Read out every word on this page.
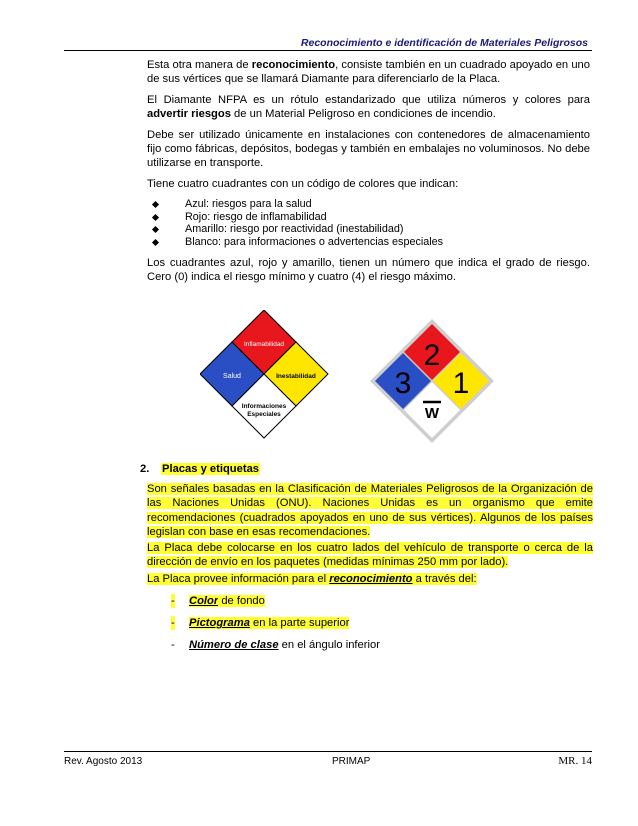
Reconocimiento e identificación de Materiales Peligrosos

Esta otra manera de reconocimiento, consiste también en un cuadrado apoyado en uno de sus vértices que se llamará Diamante para diferenciarlo de la Placa.

El Diamante NFPA es un rótulo estandarizado que utiliza números y colores para advertir riesgos de un Material Peligroso en condiciones de incendio.

Debe ser utilizado únicamente en instalaciones con contenedores de almacenamiento fijo como fábricas, depósitos, bodegas y también en embalajes no voluminosos. No debe utilizarse en transporte.

Tiene cuatro cuadrantes con un código de colores que indican:

Azul: riesgos para la salud
Rojo: riesgo de inflamabilidad
Amarillo: riesgo por reactividad (inestabilidad)
Blanco: para informaciones o advertencias especiales

Los cuadrantes azul, rojo y amarillo, tienen un número que indica el grado de riesgo. Cero (0) indica el riesgo mínimo y cuatro (4) el riesgo máximo.

Inflamabilidad
Salud	Inestabilidad
Informaciones
Especiales
2
3 1
W
2. Placas y etiquetas

Son señales basadas en la Clasificación de Materiales Peligrosos de la Organización de las Naciones Unidas (ONU). Naciones Unidas es un organismo que emite recomendaciones (cuadrados apoyados en uno de sus vértices). Algunos de los países legislan con base en esas recomendaciones.

La Placa debe colocarse en los cuatro lados del vehículo de transporte o cerca de la dirección de envío en los paquetes (medidas mínimas 250 mm por lado).

La Placa provee información para el reconocimiento a través del:

- Color de fondo
- Pictograma en la parte superior
- Número de clase en el ángulo inferior
Rev. Agosto 2013	PRIMAP	MR. 14
